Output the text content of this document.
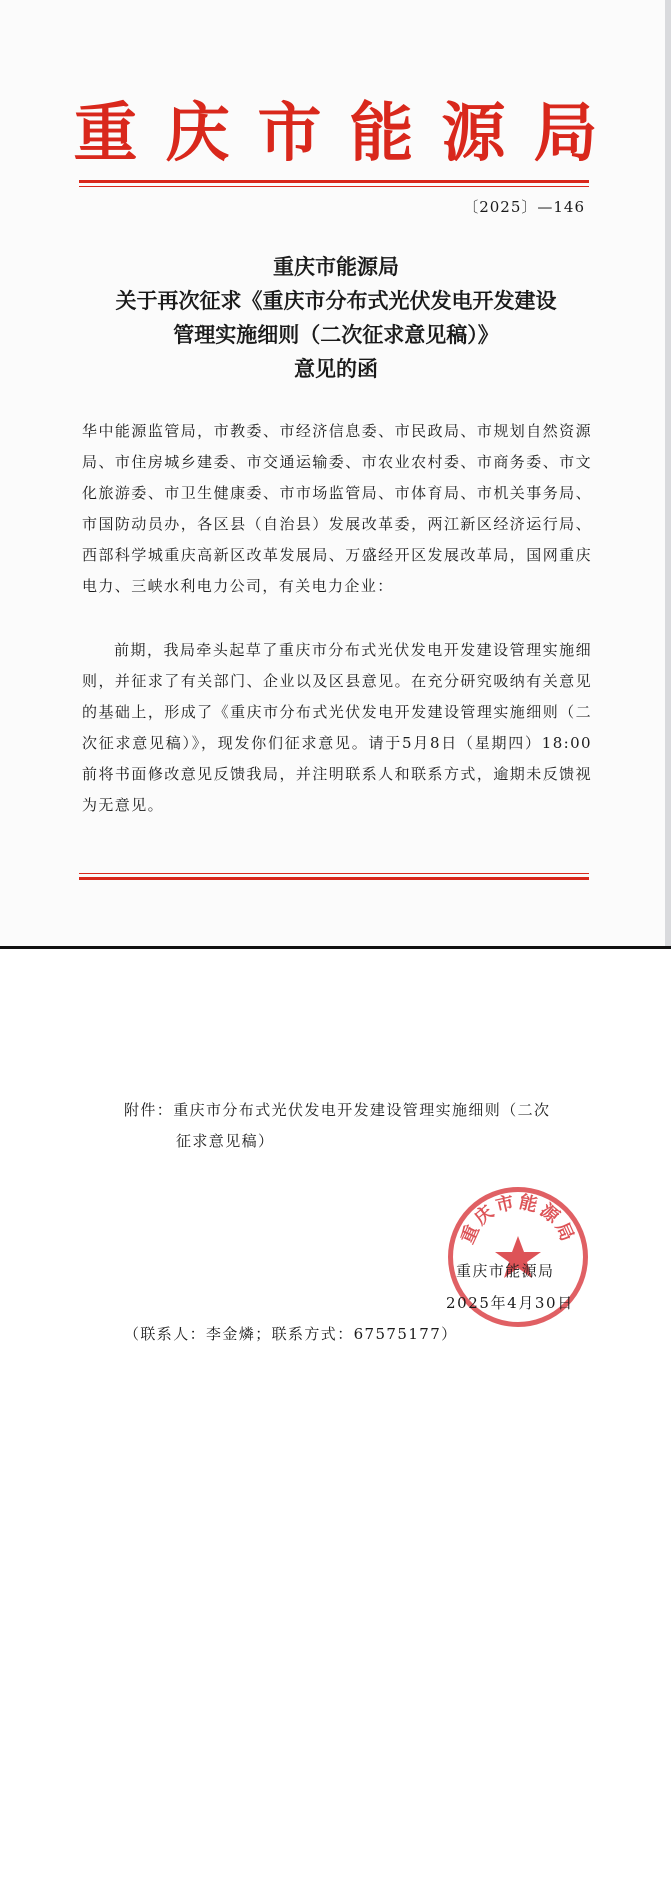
重庆市能源局
〔2025〕—146
重庆市能源局
关于再次征求《重庆市分布式光伏发电开发建设
管理实施细则（二次征求意见稿）》
意见的函
华中能源监管局，市教委、市经济信息委、市民政局、市规划自然资源局、市住房城乡建委、市交通运输委、市农业农村委、市商务委、市文化旅游委、市卫生健康委、市市场监管局、市体育局、市机关事务局、市国防动员办，各区县（自治县）发展改革委，两江新区经济运行局、西部科学城重庆高新区改革发展局、万盛经开区发展改革局，国网重庆电力、三峡水利电力公司，有关电力企业：
前期，我局牵头起草了重庆市分布式光伏发电开发建设管理实施细则，并征求了有关部门、企业以及区县意见。在充分研究吸纳有关意见的基础上，形成了《重庆市分布式光伏发电开发建设管理实施细则（二次征求意见稿）》，现发你们征求意见。请于5月8日（星期四）18:00前将书面修改意见反馈我局，并注明联系人和联系方式，逾期未反馈视为无意见。
附件：重庆市分布式光伏发电开发建设管理实施细则（二次
征求意见稿）
重庆市能源局
重庆市能源局
2025年4月30日
（联系人：李金燐；联系方式：67575177）
